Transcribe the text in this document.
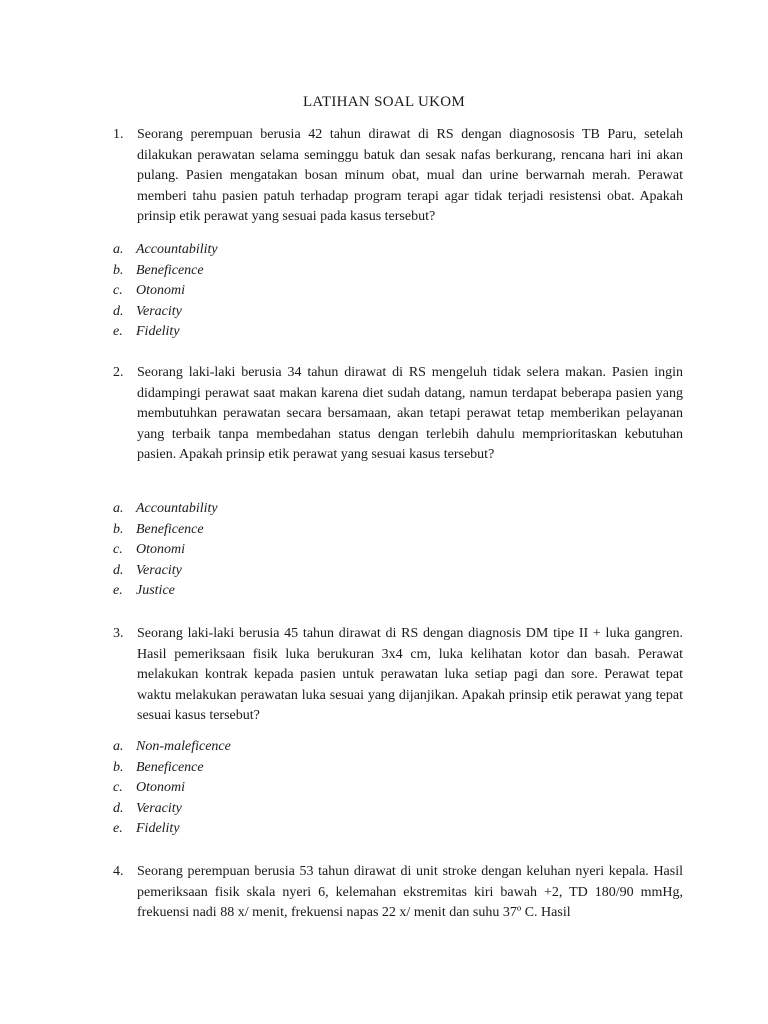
LATIHAN SOAL UKOM
1. Seorang perempuan berusia 42 tahun dirawat di RS dengan diagnososis TB Paru, setelah dilakukan perawatan selama seminggu batuk dan sesak nafas berkurang, rencana hari ini akan pulang. Pasien mengatakan bosan minum obat, mual dan urine berwarnah merah. Perawat memberi tahu pasien patuh terhadap program terapi agar tidak terjadi resistensi obat. Apakah prinsip etik perawat yang sesuai pada kasus tersebut?

a. Accountability
b. Beneficence
c. Otonomi
d. Veracity
e. Fidelity
2. Seorang laki-laki berusia 34 tahun dirawat di RS mengeluh tidak selera makan. Pasien ingin didampingi perawat saat makan karena diet sudah datang, namun terdapat beberapa pasien yang membutuhkan perawatan secara bersamaan, akan tetapi perawat tetap memberikan pelayanan yang terbaik tanpa membedahan status dengan terlebih dahulu memprioritaskan kebutuhan pasien. Apakah prinsip etik perawat yang sesuai kasus tersebut?

a. Accountability
b. Beneficence
c. Otonomi
d. Veracity
e. Justice
3. Seorang laki-laki berusia 45 tahun dirawat di RS dengan diagnosis DM tipe II + luka gangren. Hasil pemeriksaan fisik luka berukuran 3x4 cm, luka kelihatan kotor dan basah. Perawat melakukan kontrak kepada pasien untuk perawatan luka setiap pagi dan sore. Perawat tepat waktu melakukan perawatan luka sesuai yang dijanjikan. Apakah prinsip etik perawat yang tepat sesuai kasus tersebut?

a. Non-maleficence
b. Beneficence
c. Otonomi
d. Veracity
e. Fidelity
4. Seorang perempuan berusia 53 tahun dirawat di unit stroke dengan keluhan nyeri kepala. Hasil pemeriksaan fisik skala nyeri 6, kelemahan ekstremitas kiri bawah +2, TD 180/90 mmHg, frekuensi nadi 88 x/ menit, frekuensi napas 22 x/ menit dan suhu 37º C. Hasil
